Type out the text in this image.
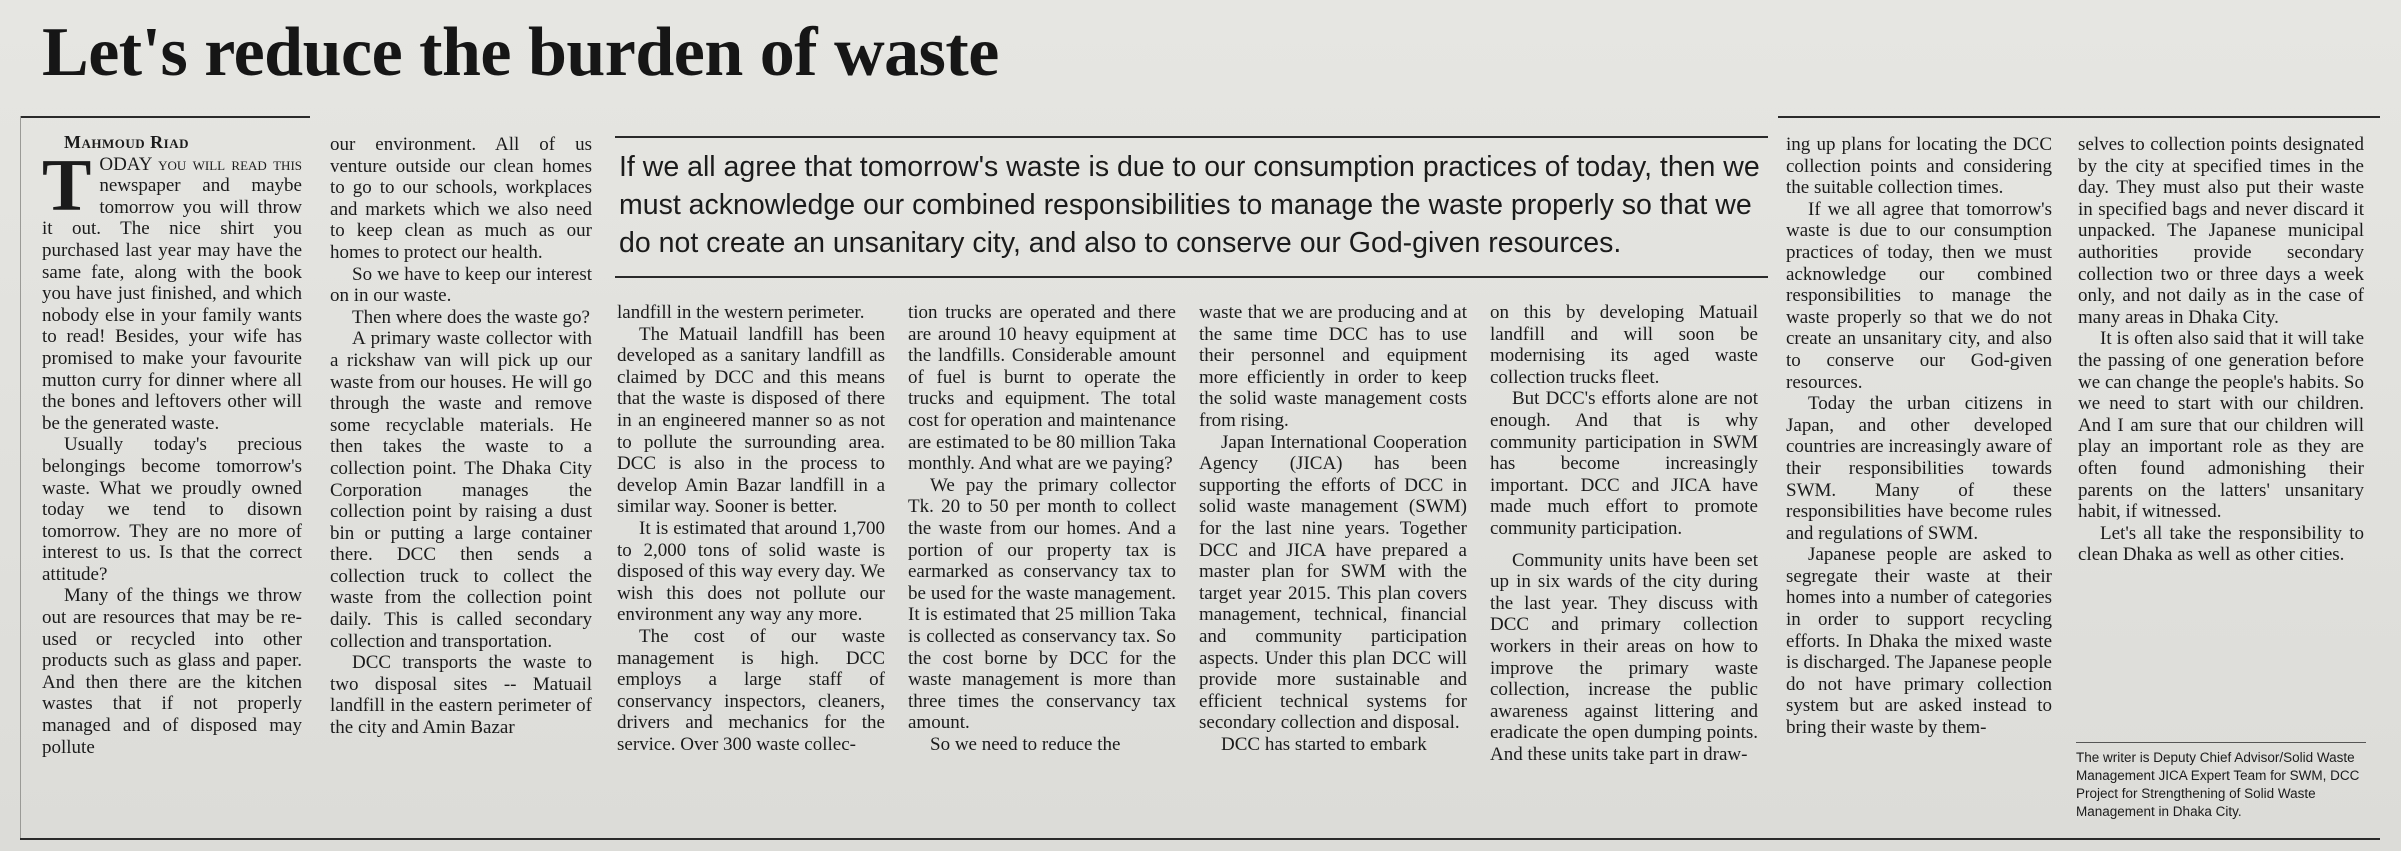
Let's reduce the burden of waste

Mahmoud Riad

TODAY you will read this newspaper and maybe tomorrow you will throw it out. The nice shirt you purchased last year may have the same fate, along with the book you have just finished, and which nobody else in your family wants to read! Besides, your wife has promised to make your favourite mutton curry for dinner where all the bones and leftovers other will be the generated waste.

Usually today's precious belongings become tomorrow's waste. What we proudly owned today we tend to disown tomorrow. They are no more of interest to us. Is that the correct attitude?

Many of the things we throw out are resources that may be re-used or recycled into other products such as glass and paper. And then there are the kitchen wastes that if not properly managed and of disposed may pollute

our environment. All of us venture outside our clean homes to go to our schools, workplaces and markets which we also need to keep clean as much as our homes to protect our health.

So we have to keep our interest on in our waste.

Then where does the waste go?

A primary waste collector with a rickshaw van will pick up our waste from our houses. He will go through the waste and remove some recyclable materials. He then takes the waste to a collection point. The Dhaka City Corporation manages the collection point by raising a dust bin or putting a large container there. DCC then sends a collection truck to collect the waste from the collection point daily. This is called secondary collection and transportation.

DCC transports the waste to two disposal sites -- Matuail landfill in the eastern perimeter of the city and Amin Bazar

If we all agree that tomorrow's waste is due to our consumption practices of today, then we must acknowledge our combined responsibilities to manage the waste properly so that we do not create an unsanitary city, and also to conserve our God-given resources.

landfill in the western perimeter.

The Matuail landfill has been developed as a sanitary landfill as claimed by DCC and this means that the waste is disposed of there in an engineered manner so as not to pollute the surrounding area. DCC is also in the process to develop Amin Bazar landfill in a similar way. Sooner is better.

It is estimated that around 1,700 to 2,000 tons of solid waste is disposed of this way every day. We wish this does not pollute our environment any way any more.

The cost of our waste management is high. DCC employs a large staff of conservancy inspectors, cleaners, drivers and mechanics for the service. Over 300 waste collec-

tion trucks are operated and there are around 10 heavy equipment at the landfills. Considerable amount of fuel is burnt to operate the trucks and equipment. The total cost for operation and maintenance are estimated to be 80 million Taka monthly. And what are we paying?

We pay the primary collector Tk. 20 to 50 per month to collect the waste from our homes. And a portion of our property tax is earmarked as conservancy tax to be used for the waste management. It is estimated that 25 million Taka is collected as conservancy tax. So the cost borne by DCC for the waste management is more than three times the conservancy tax amount.

So we need to reduce the

waste that we are producing and at the same time DCC has to use their personnel and equipment more efficiently in order to keep the solid waste management costs from rising.

Japan International Cooperation Agency (JICA) has been supporting the efforts of DCC in solid waste management (SWM) for the last nine years. Together DCC and JICA have prepared a master plan for SWM with the target year 2015. This plan covers management, technical, financial and community participation aspects. Under this plan DCC will provide more sustainable and efficient technical systems for secondary collection and disposal.

DCC has started to embark

on this by developing Matuail landfill and will soon be modernising its aged waste collection trucks fleet.

But DCC's efforts alone are not enough. And that is why community participation in SWM has become increasingly important. DCC and JICA have made much effort to promote community participation.

Community units have been set up in six wards of the city during the last year. They discuss with DCC and primary collection workers in their areas on how to improve the primary waste collection, increase the public awareness against littering and eradicate the open dumping points. And these units take part in draw-

ing up plans for locating the DCC collection points and considering the suitable collection times.

If we all agree that tomorrow's waste is due to our consumption practices of today, then we must acknowledge our combined responsibilities to manage the waste properly so that we do not create an unsanitary city, and also to conserve our God-given resources.

Today the urban citizens in Japan, and other developed countries are increasingly aware of their responsibilities towards SWM. Many of these responsibilities have become rules and regulations of SWM.

Japanese people are asked to segregate their waste at their homes into a number of categories in order to support recycling efforts. In Dhaka the mixed waste is discharged. The Japanese people do not have primary collection system but are asked instead to bring their waste by them-

selves to collection points designated by the city at specified times in the day. They must also put their waste in specified bags and never discard it unpacked. The Japanese municipal authorities provide secondary collection two or three days a week only, and not daily as in the case of many areas in Dhaka City.

It is often also said that it will take the passing of one generation before we can change the people's habits. So we need to start with our children. And I am sure that our children will play an important role as they are often found admonishing their parents on the latters' unsanitary habit, if witnessed.

Let's all take the responsibility to clean Dhaka as well as other cities.

The writer is Deputy Chief Advisor/Solid Waste Management JICA Expert Team for SWM, DCC Project for Strengthening of Solid Waste Management in Dhaka City.
